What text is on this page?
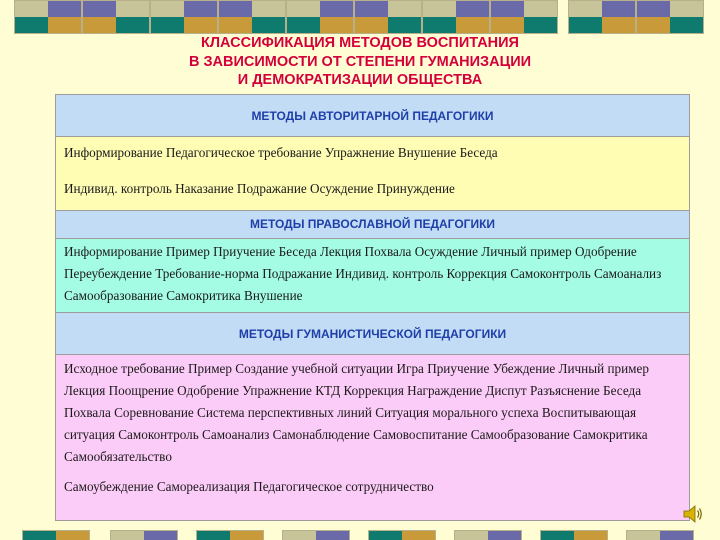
КЛАССИФИКАЦИЯ МЕТОДОВ ВОСПИТАНИЯ
В ЗАВИСИМОСТИ ОТ СТЕПЕНИ ГУМАНИЗАЦИИ
И ДЕМОКРАТИЗАЦИИ ОБЩЕСТВА
МЕТОДЫ АВТОРИТАРНОЙ ПЕДАГОГИКИ

Информирование Педагогическое требование Упражнение Внушение Беседа

Индивид. контроль Наказание Подражание Осуждение Принуждение

МЕТОДЫ ПРАВОСЛАВНОЙ ПЕДАГОГИКИ

Информирование Пример Приучение Беседа Лекция Похвала Осуждение Личный пример Одобрение Переубеждение Требование-норма Подражание Индивид. контроль Коррекция Самоконтроль Самоанализ Самообразование Самокритика Внушение

МЕТОДЫ ГУМАНИСТИЧЕСКОЙ ПЕДАГОГИКИ

Исходное требование Пример Создание учебной ситуации Игра Приучение Убеждение Личный пример Лекция Поощрение Одобрение Упражнение КТД Коррекция Награждение Диспут Разъяснение Беседа Похвала Соревнование Система перспективных линий Ситуация морального успеха Воспитывающая ситуация Самоконтроль Самоанализ Самонаблюдение Самовоспитание Самообразование Самокритика Самообязательство

Самоубеждение Самореализация Педагогическое сотрудничество
